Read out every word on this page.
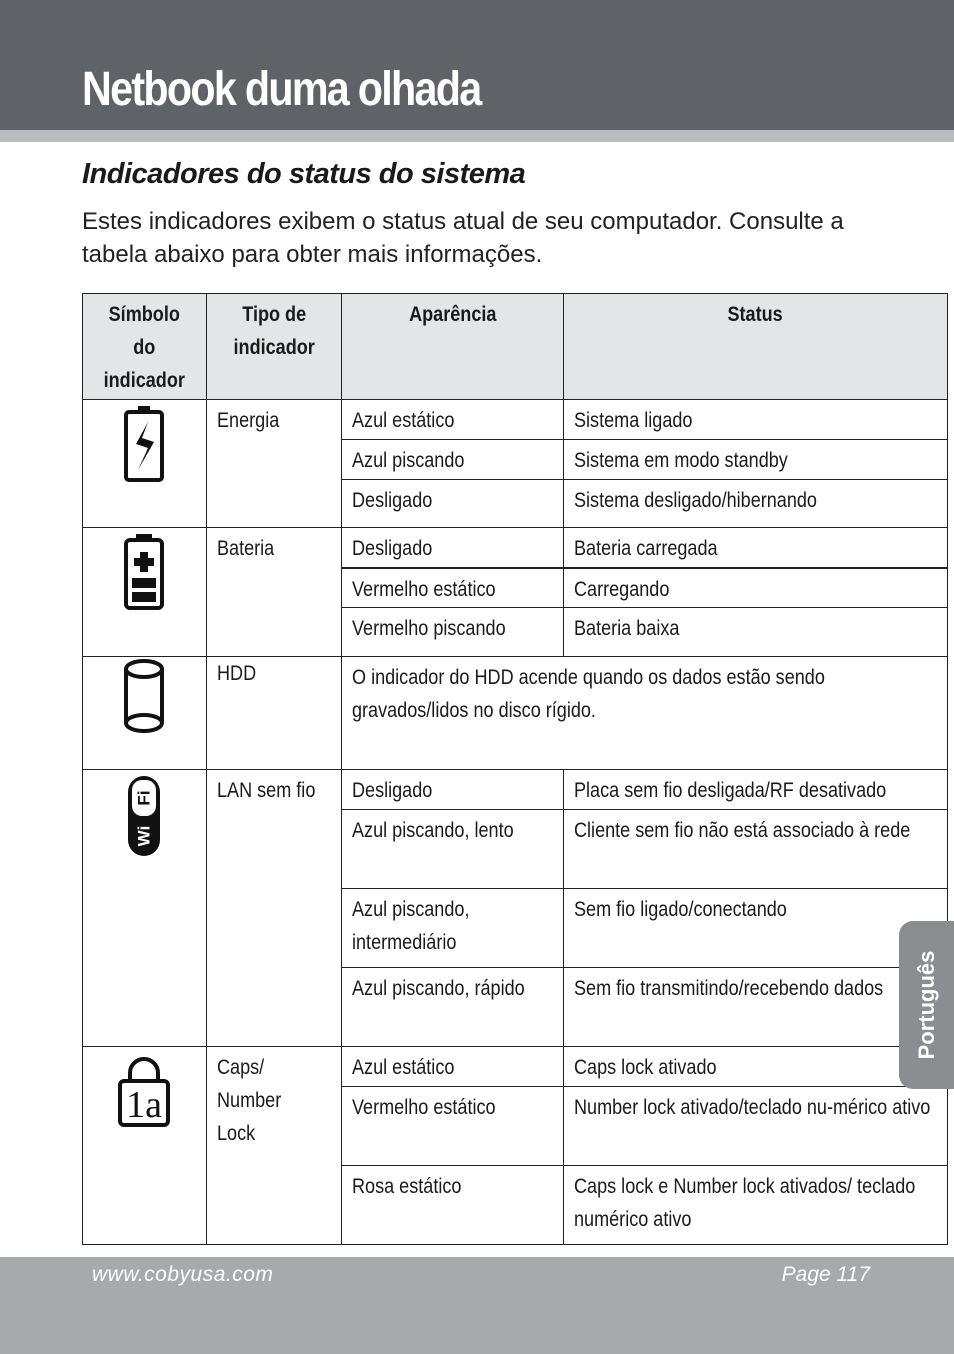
Netbook duma olhada
Indicadores do status do sistema

Estes indicadores exibem o status atual de seu computador. Consulte a tabela abaixo para obter mais informações.

Símbolo do indicador	Tipo de indicador	Aparência	Status
	Energia	Azul estático	Sistema ligado
		Azul piscando	Sistema em modo standby
		Desligado	Sistema desligado/hibernando
	Bateria	Desligado	Bateria carregada
		Vermelho estático	Carregando
		Vermelho piscando	Bateria baixa
	HDD	O indicador do HDD acende quando os dados estão sendo gravados/lidos no disco rígido.	

Fi
Wi	LAN sem fio	Desligado	Placa sem fio desligada/RF desativado
		Azul piscando, lento	Cliente sem fio não está associado à rede

		Azul piscando, intermediário	Sem fio ligado/conectando
		Azul piscando, rápido	Sem fio transmitindo/recebendo dados

1a	Caps/ Number Lock	Azul estático	Caps lock ativado
		Vermelho estático	Number lock ativado/teclado nu-mérico ativo

		Rosa estático	Caps lock e Number lock ativados/ teclado numérico ativo
Português
www.cobyusa.com	Page 117
